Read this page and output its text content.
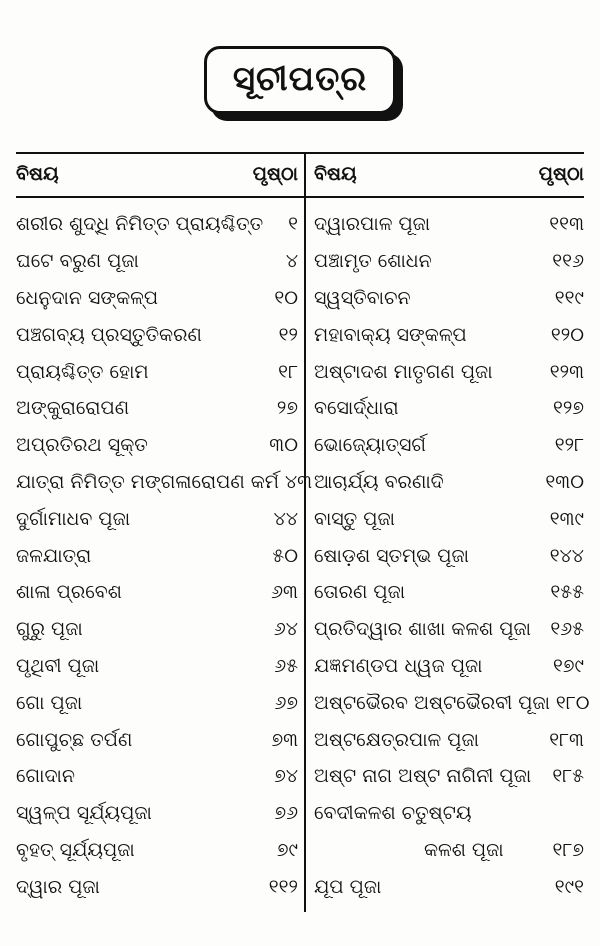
ସୂଚୀପତ୍ର
ବିଷୟ	ପୃଷ୍ଠା
ଶରୀର ଶୁଦ୍ଧି ନିମିତ୍ତ ପ୍ରାୟଶ୍ଚିତ୍ତ	୧
ଘଟେ ବରୁଣ ପୂଜା	୪
ଧେନୁଦାନ ସଙ୍କଳ୍ପ	୧୦
ପଞ୍ଚଗବ୍ୟ ପ୍ରସ୍ତୁତିକରଣ	୧୨
ପ୍ରାୟଶ୍ଚିତ୍ତ ହୋମ	୧୮
ଅଙ୍କୁରାରୋପଣ	୨୭
ଅପ୍ରତିରଥ ସୂକ୍ତ	୩୦
ଯାତ୍ରା ନିମିତ୍ତ ମଙ୍ଗଳାରୋପଣ କର୍ମ ୪୩
ଦୁର୍ଗାମାଧବ ପୂଜା	୪୪
ଜଳଯାତ୍ରା	୫୦
ଶାଳା ପ୍ରବେଶ	୬୩
ଗୁରୁ ପୂଜା	୬୪
ପୃଥିବୀ ପୂଜା	୬୫
ଗୋ ପୂଜା	୬୭
ଗୋପୁଚ୍ଛ ତର୍ପଣ	୭୩
ଗୋଦାନ	୭୪
ସ୍ୱଳ୍ପ ସୂର୍ଯ୍ୟପୂଜା	୭୬
ବୃହତ୍ ସୂର୍ଯ୍ୟପୂଜା	୭୯
ଦ୍ୱାର ପୂଜା	୧୧୨
ବିଷୟ	ପୃଷ୍ଠା
ଦ୍ୱାରପାଳ ପୂଜା	୧୧୩
ପଞ୍ଚାମୃତ ଶୋଧନ	୧୧୬
ସ୍ୱସ୍ତିବାଚନ	୧୧୯
ମହାବାକ୍ୟ ସଙ୍କଳ୍ପ	୧୨୦
ଅଷ୍ଟାଦଶ ମାତୃଗଣ ପୂଜା	୧୨୩
ବସୋର୍ଦ୍ଧାରା	୧୨୭
ଭୋଜ୍ୟୋତ୍ସର୍ଗ	୧୨୮
ଆଚାର୍ଯ୍ୟ ବରଣାଦି	୧୩୦
ବାସ୍ତୁ ପୂଜା	୧୩୯
ଷୋଡ଼ଶ ସ୍ତମ୍ଭ ପୂଜା	୧୪୪
ତୋରଣ ପୂଜା	୧୫୫
ପ୍ରତିଦ୍ୱାର ଶାଖା କଳଶ ପୂଜା	୧୬୫
ଯଜ୍ଞମଣ୍ଡପ ଧ୍ୱଜ ପୂଜା	୧୭୯
ଅଷ୍ଟଭୈରବ ଅଷ୍ଟଭୈରବୀ ପୂଜା ୧୮୦
ଅଷ୍ଟକ୍ଷେତ୍ରପାଳ ପୂଜା	୧୮୩
ଅଷ୍ଟ ନାଗ ଅଷ୍ଟ ନାଗିନୀ ପୂଜା	୧୮୫
ବେଦୀକଳଶ ଚତୁଷ୍ଟୟ
କଳଶ ପୂଜା	୧୮୭
ଯୂପ ପୂଜା	୧୯୧
